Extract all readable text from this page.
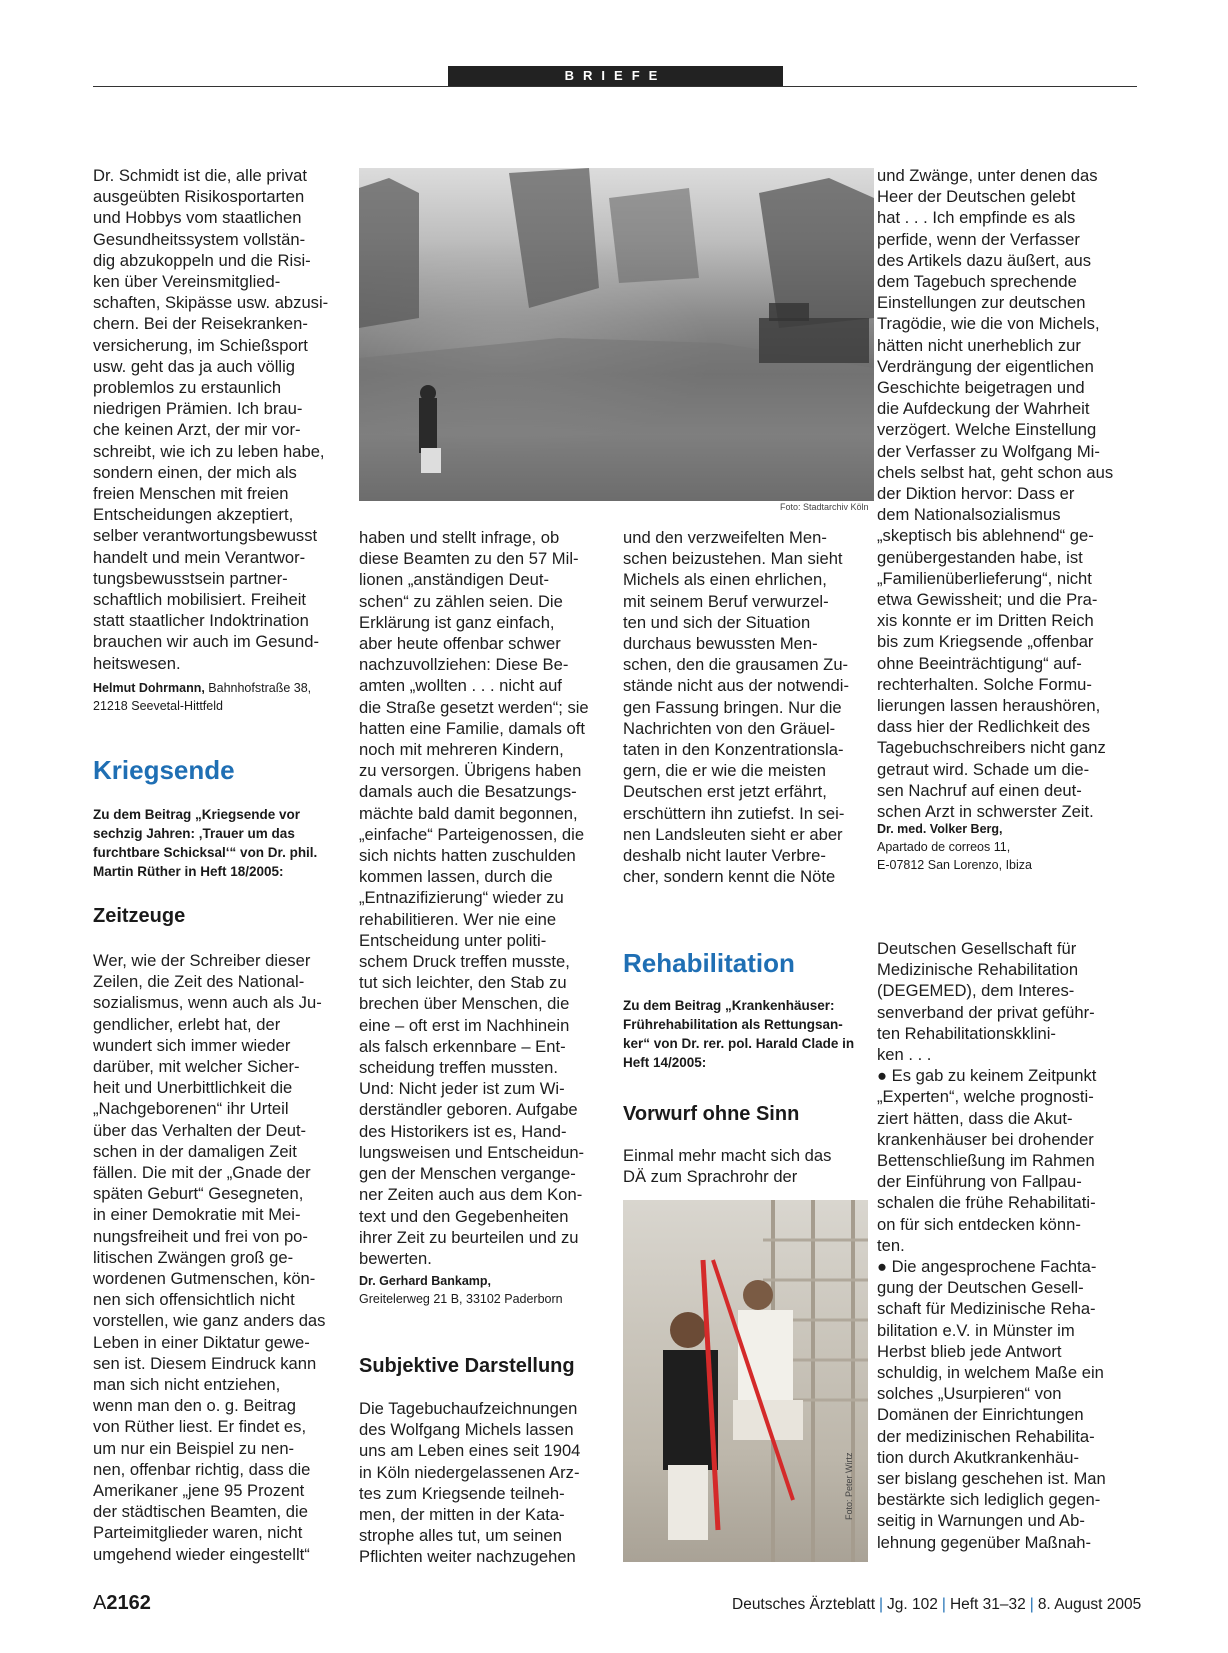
BRIEFE
Dr. Schmidt ist die, alle privat
ausgeübten Risikosportarten
und Hobbys vom staatlichen
Gesundheitssystem vollstän-
dig abzukoppeln und die Risi-
ken über Vereinsmitglied-
schaften, Skipässe usw. abzusi-
chern. Bei der Reisekranken-
versicherung, im Schießsport
usw. geht das ja auch völlig
problemlos zu erstaunlich
niedrigen Prämien. Ich brau-
che keinen Arzt, der mir vor-
schreibt, wie ich zu leben habe,
sondern einen, der mich als
freien Menschen mit freien
Entscheidungen akzeptiert,
selber verantwortungsbewusst
handelt und mein Verantwor-
tungsbewusstsein partner-
schaftlich mobilisiert. Freiheit
statt staatlicher Indoktrination
brauchen wir auch im Gesund-
heitswesen.
Helmut Dohrmann, Bahnhofstraße 38,
21218 Seevetal-Hittfeld
Kriegsende
Zu dem Beitrag „Kriegsende vor
sechzig Jahren: ‚Trauer um das
furchtbare Schicksal‘“ von Dr. phil.
Martin Rüther in Heft 18/2005:
Zeitzeuge
Wer, wie der Schreiber dieser
Zeilen, die Zeit des National-
sozialismus, wenn auch als Ju-
gendlicher, erlebt hat, der
wundert sich immer wieder
darüber, mit welcher Sicher-
heit und Unerbittlichkeit die
„Nachgeborenen“ ihr Urteil
über das Verhalten der Deut-
schen in der damaligen Zeit
fällen. Die mit der „Gnade der
späten Geburt“ Gesegneten,
in einer Demokratie mit Mei-
nungsfreiheit und frei von po-
litischen Zwängen groß ge-
wordenen Gutmenschen, kön-
nen sich offensichtlich nicht
vorstellen, wie ganz anders das
Leben in einer Diktatur gewe-
sen ist. Diesem Eindruck kann
man sich nicht entziehen,
wenn man den o. g. Beitrag
von Rüther liest. Er findet es,
um nur ein Beispiel zu nen-
nen, offenbar richtig, dass die
Amerikaner „jene 95 Prozent
der städtischen Beamten, die
Parteimitglieder waren, nicht
umgehend wieder eingestellt“
Foto: Stadtarchiv Köln
haben und stellt infrage, ob
diese Beamten zu den 57 Mil-
lionen „anständigen Deut-
schen“ zu zählen seien. Die
Erklärung ist ganz einfach,
aber heute offenbar schwer
nachzuvollziehen: Diese Be-
amten „wollten . . . nicht auf
die Straße gesetzt werden“; sie
hatten eine Familie, damals oft
noch mit mehreren Kindern,
zu versorgen. Übrigens haben
damals auch die Besatzungs-
mächte bald damit begonnen,
„einfache“ Parteigenossen, die
sich nichts hatten zuschulden
kommen lassen, durch die
„Entnazifizierung“ wieder zu
rehabilitieren. Wer nie eine
Entscheidung unter politi-
schem Druck treffen musste,
tut sich leichter, den Stab zu
brechen über Menschen, die
eine – oft erst im Nachhinein
als falsch erkennbare – Ent-
scheidung treffen mussten.
Und: Nicht jeder ist zum Wi-
derständler geboren. Aufgabe
des Historikers ist es, Hand-
lungsweisen und Entscheidun-
gen der Menschen vergange-
ner Zeiten auch aus dem Kon-
text und den Gegebenheiten
ihrer Zeit zu beurteilen und zu
bewerten.
Dr. Gerhard Bankamp,
Greitelerweg 21 B, 33102 Paderborn
Subjektive Darstellung
Die Tagebuchaufzeichnungen
des Wolfgang Michels lassen
uns am Leben eines seit 1904
in Köln niedergelassenen Arz-
tes zum Kriegsende teilneh-
men, der mitten in der Kata-
strophe alles tut, um seinen
Pflichten weiter nachzugehen
und den verzweifelten Men-
schen beizustehen. Man sieht
Michels als einen ehrlichen,
mit seinem Beruf verwurzel-
ten und sich der Situation
durchaus bewussten Men-
schen, den die grausamen Zu-
stände nicht aus der notwendi-
gen Fassung bringen. Nur die
Nachrichten von den Gräuel-
taten in den Konzentrationsla-
gern, die er wie die meisten
Deutschen erst jetzt erfährt,
erschüttern ihn zutiefst. In sei-
nen Landsleuten sieht er aber
deshalb nicht lauter Verbre-
cher, sondern kennt die Nöte
Rehabilitation
Zu dem Beitrag „Krankenhäuser:
Frührehabilitation als Rettungsan-
ker“ von Dr. rer. pol. Harald Clade in
Heft 14/2005:
Vorwurf ohne Sinn
Einmal mehr macht sich das
DÄ zum Sprachrohr der
Foto: Peter Wirtz
und Zwänge, unter denen das
Heer der Deutschen gelebt
hat . . . Ich empfinde es als
perfide, wenn der Verfasser
des Artikels dazu äußert, aus
dem Tagebuch sprechende
Einstellungen zur deutschen
Tragödie, wie die von Michels,
hätten nicht unerheblich zur
Verdrängung der eigentlichen
Geschichte beigetragen und
die Aufdeckung der Wahrheit
verzögert. Welche Einstellung
der Verfasser zu Wolfgang Mi-
chels selbst hat, geht schon aus
der Diktion hervor: Dass er
dem Nationalsozialismus
„skeptisch bis ablehnend“ ge-
genübergestanden habe, ist
„Familienüberlieferung“, nicht
etwa Gewissheit; und die Pra-
xis konnte er im Dritten Reich
bis zum Kriegsende „offenbar
ohne Beeinträchtigung“ auf-
rechterhalten. Solche Formu-
lierungen lassen heraushören,
dass hier der Redlichkeit des
Tagebuchschreibers nicht ganz
getraut wird. Schade um die-
sen Nachruf auf einen deut-
schen Arzt in schwerster Zeit.
Dr. med. Volker Berg,
Apartado de correos 11,
E-07812 San Lorenzo, Ibiza
Deutschen Gesellschaft für
Medizinische Rehabilitation
(DEGEMED), dem Interes-
senverband der privat geführ-
ten Rehabilitationskklini-
ken . . .
● Es gab zu keinem Zeitpunkt
„Experten“, welche prognosti-
ziert hätten, dass die Akut-
krankenhäuser bei drohender
Bettenschließung im Rahmen
der Einführung von Fallpau-
schalen die frühe Rehabilitati-
on für sich entdecken könn-
ten.
● Die angesprochene Fachta-
gung der Deutschen Gesell-
schaft für Medizinische Reha-
bilitation e.V. in Münster im
Herbst blieb jede Antwort
schuldig, in welchem Maße ein
solches „Usurpieren“ von
Domänen der Einrichtungen
der medizinischen Rehabilita-
tion durch Akutkrankenhäu-
ser bislang geschehen ist. Man
bestärkte sich lediglich gegen-
seitig in Warnungen und Ab-
lehnung gegenüber Maßnah-
A2162	Deutsches Ärzteblatt | Jg. 102 | Heft 31–32 | 8. August 2005
